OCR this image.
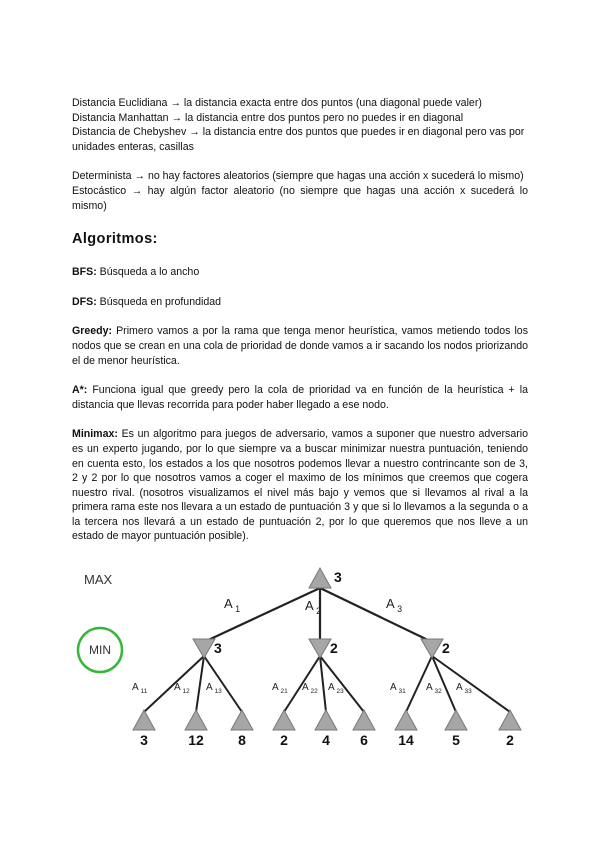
Distancia Euclidiana → la distancia exacta entre dos puntos (una diagonal puede valer)

Distancia Manhattan → la distancia entre dos puntos pero no puedes ir en diagonal

Distancia de Chebyshev → la distancia entre dos puntos que puedes ir en diagonal pero vas por unidades enteras, casillas

Determinista → no hay factores aleatorios (siempre que hagas una acción x sucederá lo mismo)

Estocástico → hay algún factor aleatorio (no siempre que hagas una acción x sucederá lo mismo)

Algoritmos:

BFS: Búsqueda a lo ancho

DFS: Búsqueda en profundidad

Greedy: Primero vamos a por la rama que tenga menor heurística, vamos metiendo todos los nodos que se crean en una cola de prioridad de donde vamos a ir sacando los nodos priorizando el de menor heurística.

A*: Funciona igual que greedy pero la cola de prioridad va en función de la heurística + la distancia que llevas recorrida para poder haber llegado a ese nodo.

Minimax: Es un algoritmo para juegos de adversario, vamos a suponer que nuestro adversario es un experto jugando, por lo que siempre va a buscar minimizar nuestra puntuación, teniendo en cuenta esto, los estados a los que nosotros podemos llevar a nuestro contrincante son de 3, 2 y 2 por lo que nosotros vamos a coger el maximo de los mínimos que creemos que cogera nuestro rival. (nosotros visualizamos el nivel más bajo y vemos que si llevamos al rival a la primera rama este nos llevara a un estado de puntuación 3 y que si lo llevamos a la segunda o a la tercera nos llevará a un estado de puntuación 2, por lo que queremos que nos lleve a un estado de mayor puntuación posible).

3
MAX
MIN	3	2	2
3	12 8 2 4 6 14	5	2
A $_1$	A $_2$	A $_3$
A $_{11}$	A $_{12}$ A $_{13}$	A $_{21}$ A $_{22}$ A $_{23}$	A $_{31}$ A $_{32}$ A $_{33}$
